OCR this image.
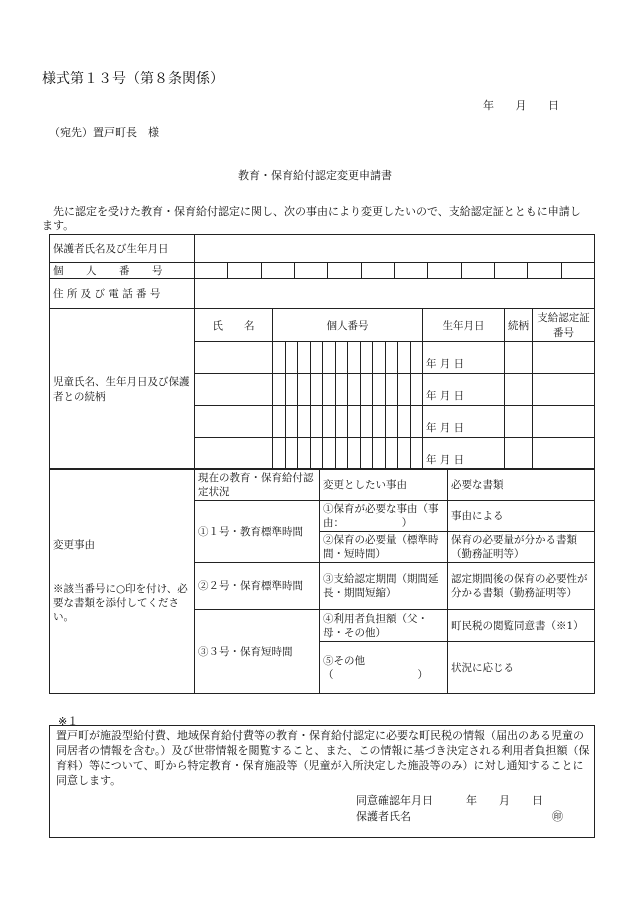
様式第１３号（第８条関係）
年 月 日
（宛先）置戸町長　様
教育・保育給付認定変更申請書
先に認定を受けた教育・保育給付認定に関し、次の事由により変更したいので、支給認定証とともに申請します。
保護者氏名及び生年月日	
個　　人　　番　　号	

住 所 及 び 電 話 番 号	
児童氏名、生年月日及び保護者との続柄	氏　　名	個人番号	生年月日	続柄	支給認定証番号

		年 月 日		

		年 月 日		

		年 月 日		

		年 月 日		
変更事由
※該当番号に○印を付け、必要な書類を添付してください。	現在の教育・保育給付認定状況	変更としたい事由	必要な書類
	①１号・教育標準時間	①保育が必要な事由（事由：　　　　　　）	事由による
		②保育の必要量（標準時間・短時間）	保育の必要量が分かる書類（勤務証明等）
	②２号・保育標準時間	③支給認定期間（期間延長・期間短縮）	認定期間後の保育の必要性が分かる書類（勤務証明等）
	③３号・保育短時間	④利用者負担額（父・母・その他）	町民税の閲覧同意書（※1）
		⑤その他（　　　　　　　　）	状況に応じる
※１
置戸町が施設型給付費、地域保育給付費等の教育・保育給付認定に必要な町民税の情報（届出のある児童の同居者の情報を含む。）及び世帯情報を閲覧すること、また、この情報に基づき決定される利用者負担額（保育料）等について、町から特定教育・保育施設等（児童が入所決定した施設等のみ）に対し通知することに同意します。
同意確認年月日　　　年　　月　　日
保護者氏名	㊞
